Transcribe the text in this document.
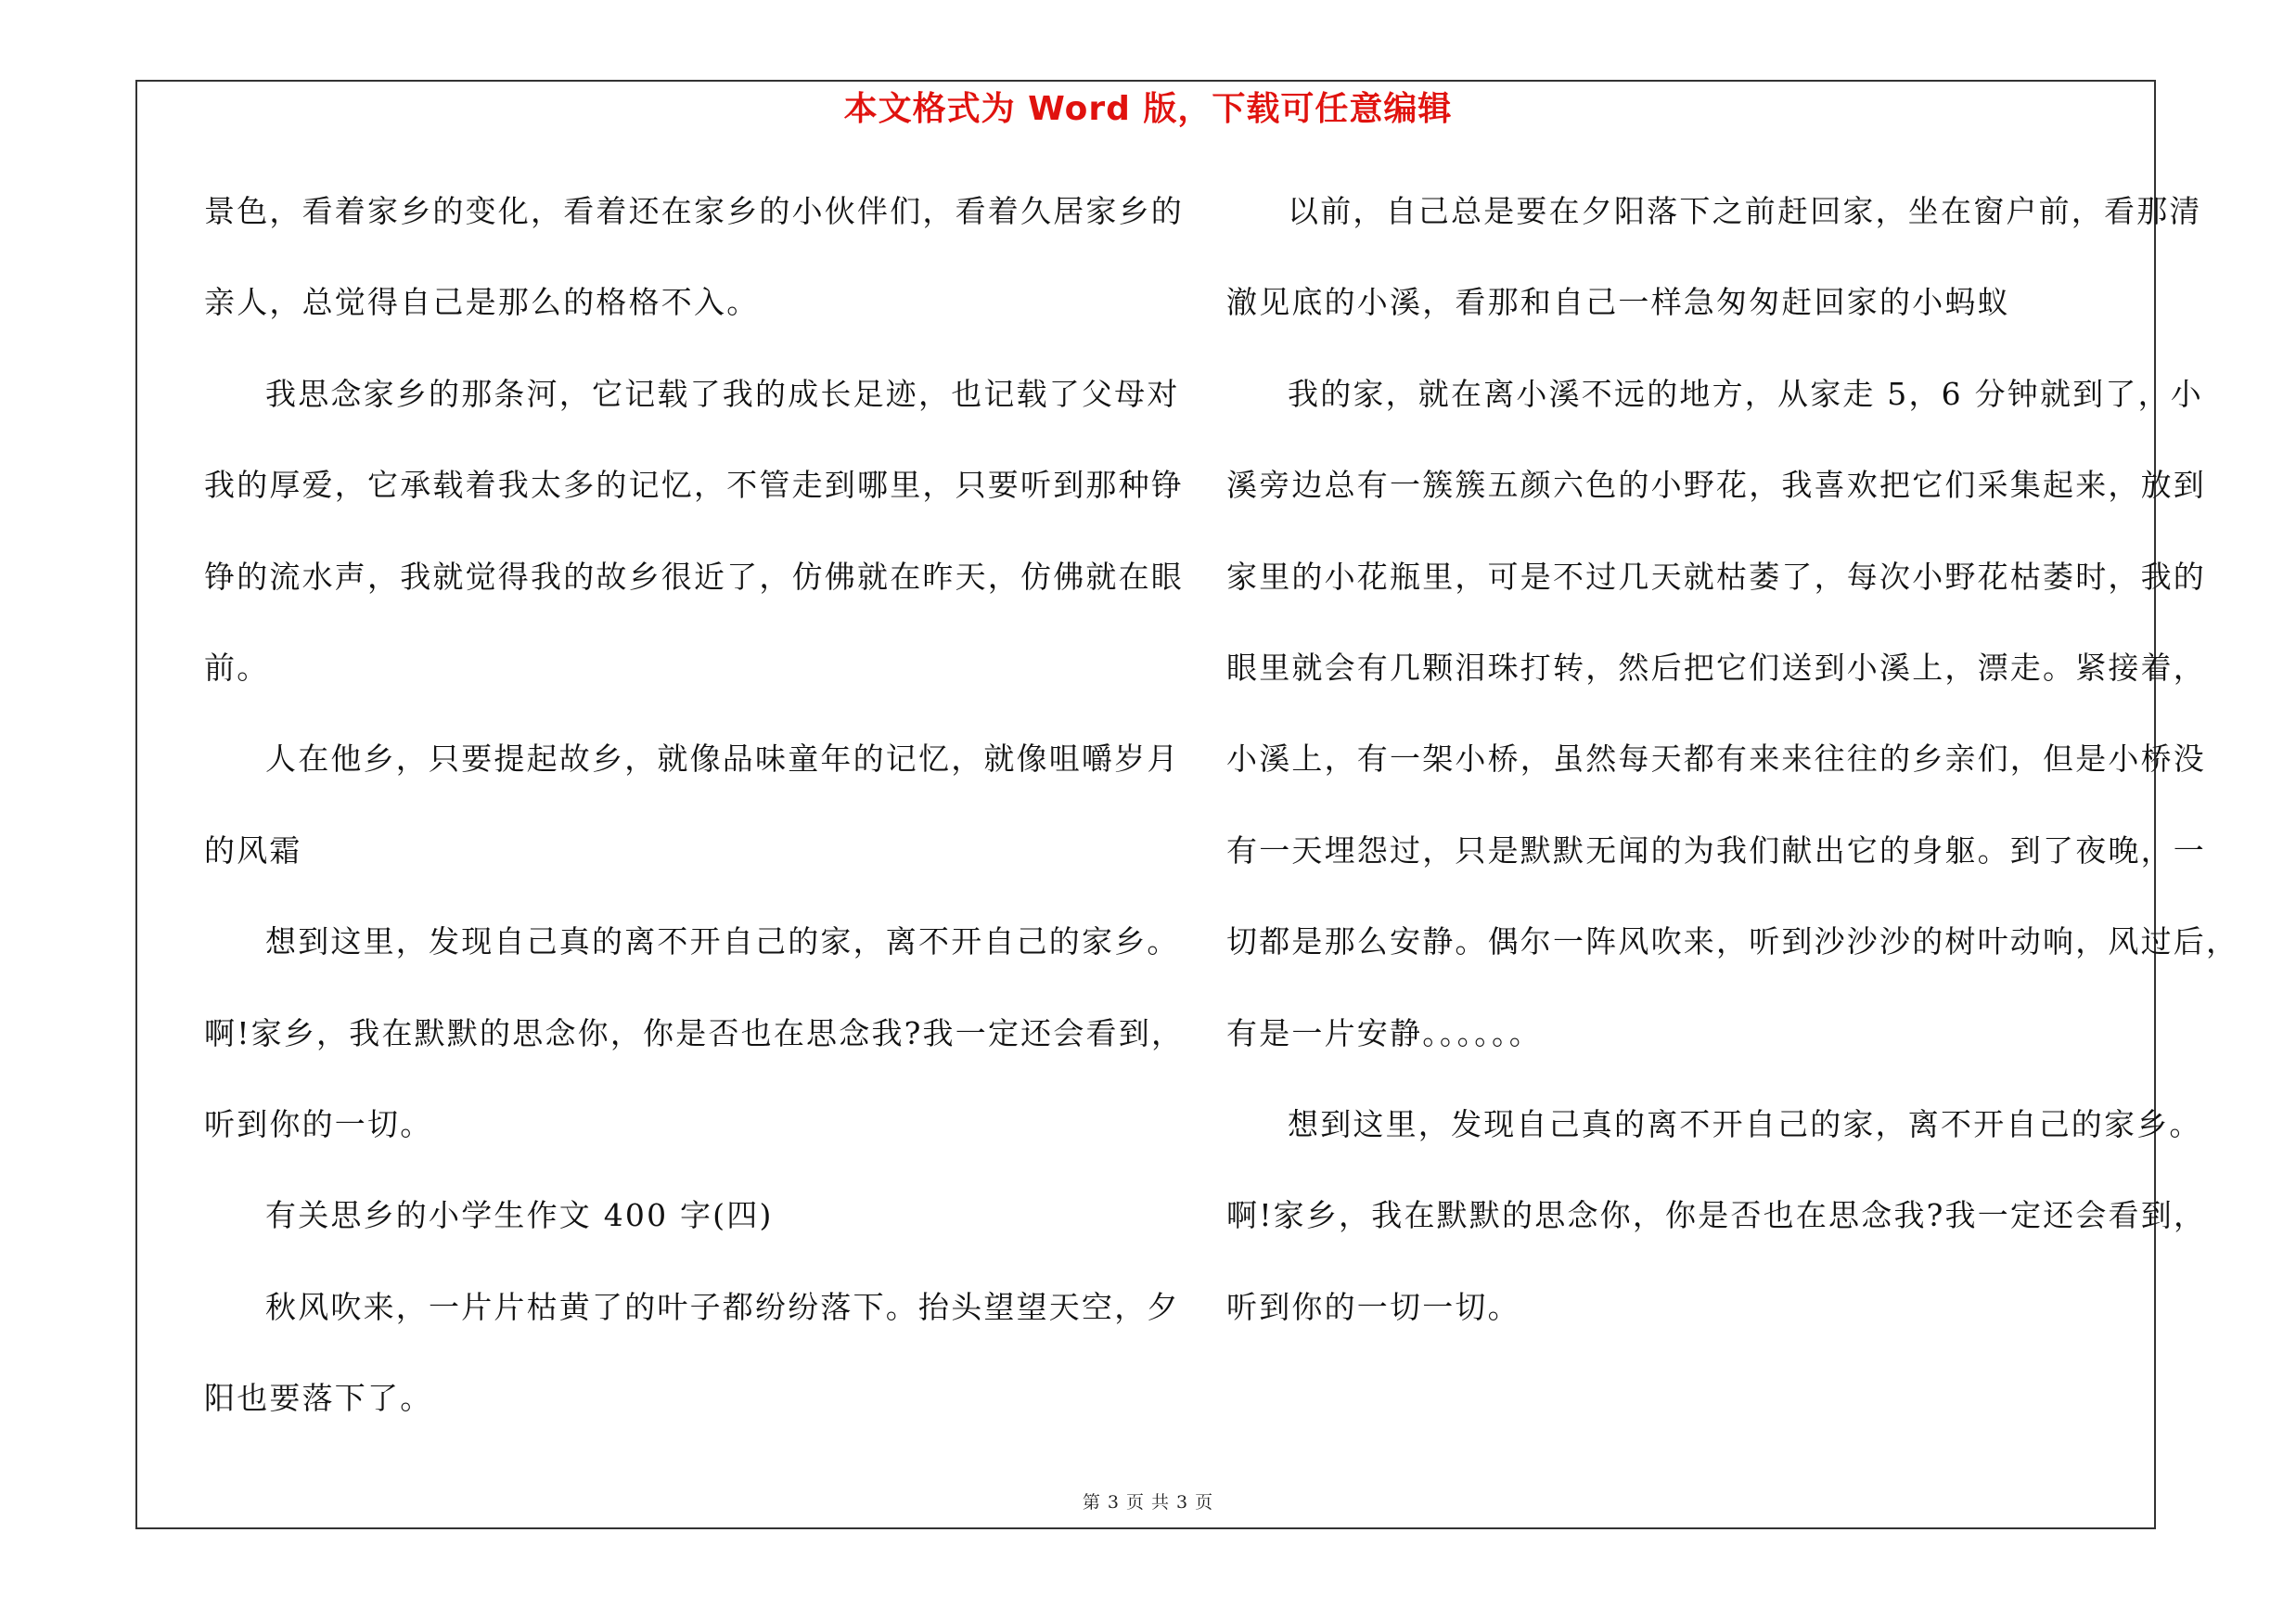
本文格式为 Word 版，下载可任意编辑
景色，看着家乡的变化，看着还在家乡的小伙伴们，看着久居家乡的
亲人，总觉得自己是那么的格格不入。
我思念家乡的那条河，它记载了我的成长足迹，也记载了父母对
我的厚爱，它承载着我太多的记忆，不管走到哪里，只要听到那种铮
铮的流水声，我就觉得我的故乡很近了，仿佛就在昨天，仿佛就在眼
前。
人在他乡，只要提起故乡，就像品味童年的记忆，就像咀嚼岁月
的风霜
想到这里，发现自己真的离不开自己的家，离不开自己的家乡。
啊!家乡，我在默默的思念你，你是否也在思念我?我一定还会看到，
听到你的一切。
有关思乡的小学生作文 400 字(四)
秋风吹来，一片片枯黄了的叶子都纷纷落下。抬头望望天空，夕
阳也要落下了。
以前，自己总是要在夕阳落下之前赶回家，坐在窗户前，看那清
澈见底的小溪，看那和自己一样急匆匆赶回家的小蚂蚁
我的家，就在离小溪不远的地方，从家走 5，6 分钟就到了，小
溪旁边总有一簇簇五颜六色的小野花，我喜欢把它们采集起来，放到
家里的小花瓶里，可是不过几天就枯萎了，每次小野花枯萎时，我的
眼里就会有几颗泪珠打转，然后把它们送到小溪上，漂走。紧接着，
小溪上，有一架小桥，虽然每天都有来来往往的乡亲们，但是小桥没
有一天埋怨过，只是默默无闻的为我们献出它的身躯。到了夜晚，一
切都是那么安静。偶尔一阵风吹来，听到沙沙沙的树叶动响，风过后，
有是一片安静。。。。。。
想到这里，发现自己真的离不开自己的家，离不开自己的家乡。
啊!家乡，我在默默的思念你，你是否也在思念我?我一定还会看到，
听到你的一切一切。
第 3 页 共 3 页
